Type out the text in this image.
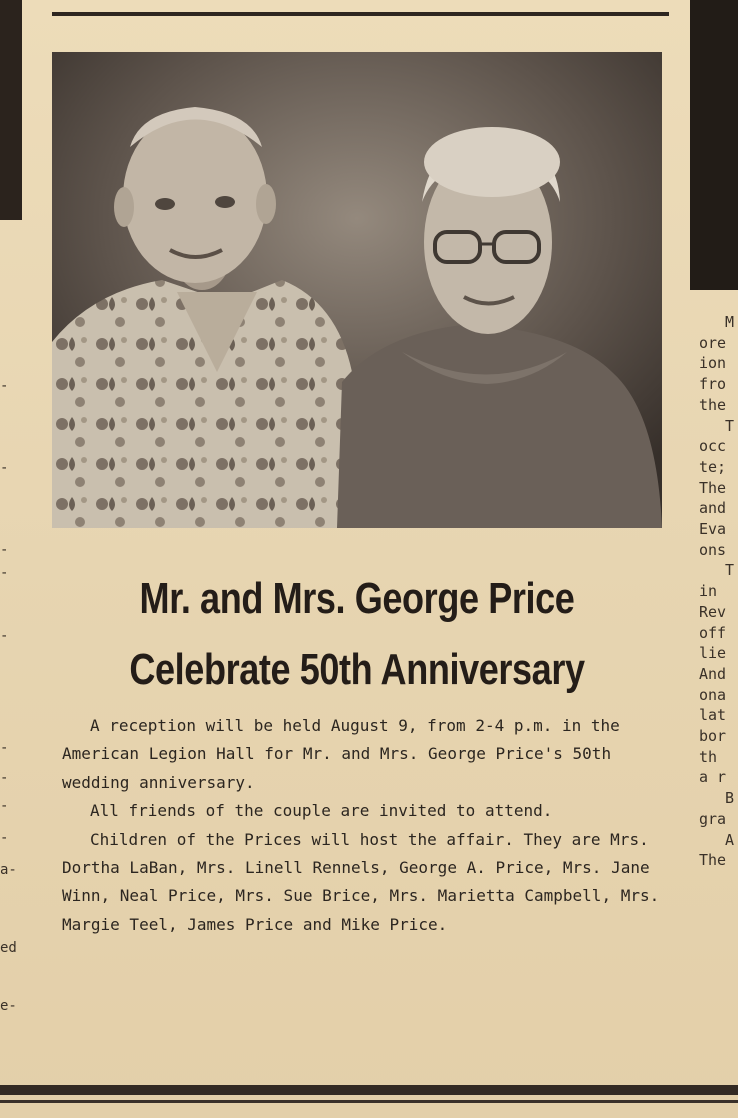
-
-
-
-
-
-
-
-
-
a-
ed
e-
Mr. and Mrs. George Price
Celebrate 50th Anniversary

A reception will be held August 9, from 2-4 p.m. in the American Legion Hall for Mr. and Mrs. George Price's 50th wedding anniversary.

All friends of the couple are invited to attend.

Children of the Prices will host the affair. They are Mrs. Dortha LaBan, Mrs. Linell Rennels, George A. Price, Mrs. Jane Winn, Neal Price, Mrs. Sue Brice, Mrs. Marietta Campbell, Mrs. Margie Teel, James Price and Mike Price.

M
ore
ion
fro
the
T
occ
te;
The
and
Eva
ons
T
in
Rev
off
lie
And
ona
lat
bor
th
a r
B
gra
A
The
